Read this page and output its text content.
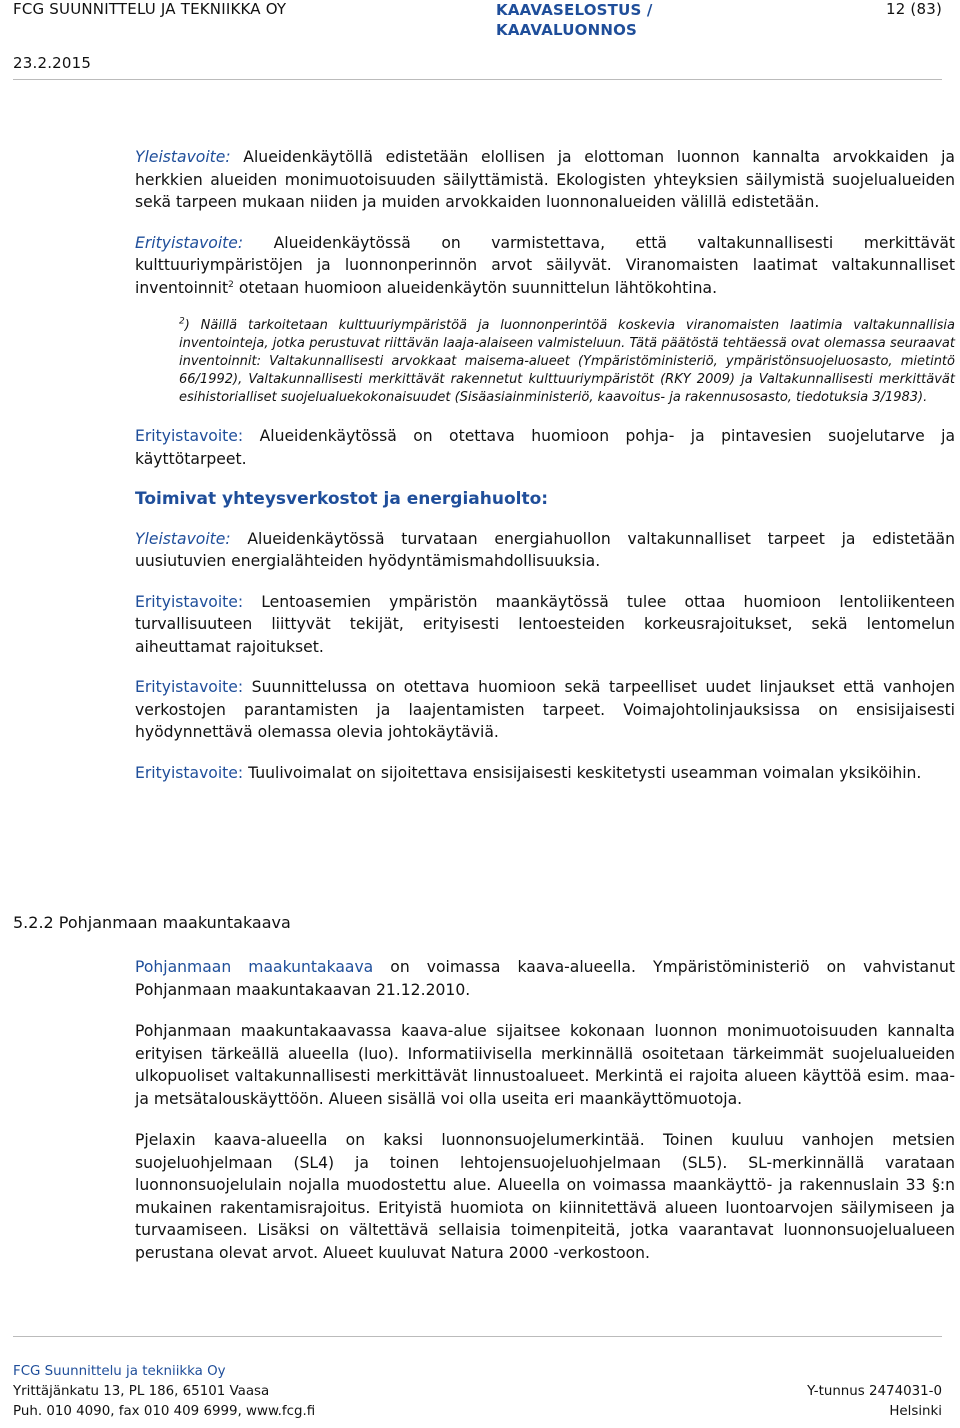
FCG SUUNNITTELU JA TEKNIIKKA OY	KAAVASELOSTUS /
KAAVALUONNOS
12 (83)
23.2.2015

Yleistavoite: Alueidenkäytöllä edistetään elollisen ja elottoman luonnon kannalta arvokkaiden ja herkkien alueiden monimuotoisuuden säilyttämistä. Ekologisten yhteyksien säilymistä suojelualueiden sekä tarpeen mukaan niiden ja muiden arvokkaiden luonnonalueiden välillä edistetään.

Erityistavoite: Alueidenkäytössä on varmistettava, että valtakunnallisesti merkittävät kulttuuriympäristöjen ja luonnonperinnön arvot säilyvät. Viranomaisten laatimat valtakunnalliset inventoinnit$^2$ otetaan huomioon alueidenkäytön suunnittelun lähtökohtina.

$^2$) Näillä tarkoitetaan kulttuuriympäristöä ja luonnonperintöä koskevia viranomaisten laatimia valtakunnallisia inventointeja, jotka perustuvat riittävän laaja-alaiseen valmisteluun. Tätä päätöstä tehtäessä ovat olemassa seuraavat inventoinnit: Valtakunnallisesti arvokkaat maisema-alueet (Ympäristöministeriö, ympäristönsuojeluosasto, mietintö 66/1992), Valtakunnallisesti merkittävät rakennetut kulttuuriympäristöt (RKY 2009) ja Valtakunnallisesti merkittävät esihistorialliset suojelualuekokonaisuudet (Sisäasiainministeriö, kaavoitus- ja rakennusosasto, tiedotuksia 3/1983).

Erityistavoite: Alueidenkäytössä on otettava huomioon pohja- ja pintavesien suojelutarve ja käyttötarpeet.

Toimivat yhteysverkostot ja energiahuolto:

Yleistavoite: Alueidenkäytössä turvataan energiahuollon valtakunnalliset tarpeet ja edistetään uusiutuvien energialähteiden hyödyntämismahdollisuuksia.

Erityistavoite: Lentoasemien ympäristön maankäytössä tulee ottaa huomioon lentoliikenteen turvallisuuteen liittyvät tekijät, erityisesti lentoesteiden korkeusrajoitukset, sekä lentomelun aiheuttamat rajoitukset.

Erityistavoite: Suunnittelussa on otettava huomioon sekä tarpeelliset uudet linjaukset että vanhojen verkostojen parantamisten ja laajentamisten tarpeet. Voimajohtolinjauksissa on ensisijaisesti hyödynnettävä olemassa olevia johtokäytäviä.

Erityistavoite: Tuulivoimalat on sijoitettava ensisijaisesti keskitetysti useamman voimalan yksiköihin.

5.2.2 Pohjanmaan maakuntakaava

Pohjanmaan maakuntakaava on voimassa kaava-alueella. Ympäristöministeriö on vahvistanut Pohjanmaan maakuntakaavan 21.12.2010.

Pohjanmaan maakuntakaavassa kaava-alue sijaitsee kokonaan luonnon monimuotoisuuden kannalta erityisen tärkeällä alueella (luo). Informatiivisella merkinnällä osoitetaan tärkeimmät suojelualueiden ulkopuoliset valtakunnallisesti merkittävät linnustoalueet. Merkintä ei rajoita alueen käyttöä esim. maa- ja metsätalouskäyttöön. Alueen sisällä voi olla useita eri maankäyttömuotoja.

Pjelaxin kaava-alueella on kaksi luonnonsuojelumerkintää. Toinen kuuluu vanhojen metsien suojeluohjelmaan (SL4) ja toinen lehtojensuojeluohjelmaan (SL5). SL-merkinnällä varataan luonnonsuojelulain nojalla muodostettu alue. Alueella on voimassa maankäyttö- ja rakennuslain 33 §:n mukainen rakentamisrajoitus. Erityistä huomiota on kiinnitettävä alueen luontoarvojen säilymiseen ja turvaamiseen. Lisäksi on vältettävä sellaisia toimenpiteitä, jotka vaarantavat luonnonsuojelualueen perustana olevat arvot. Alueet kuuluvat Natura 2000 -verkostoon.

FCG Suunnittelu ja tekniikka Oy
Yrittäjänkatu 13, PL 186, 65101 Vaasa
Puh. 010 4090, fax 010 409 6999, www.fcg.fi
Y-tunnus 2474031-0
Helsinki
